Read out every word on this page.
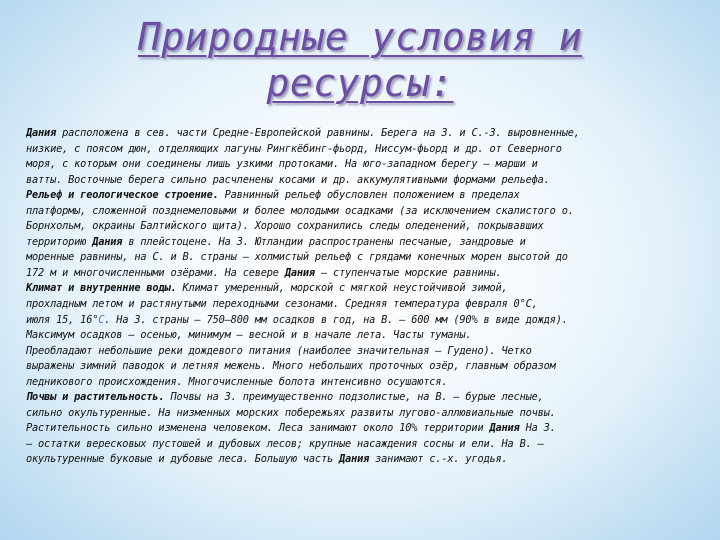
Природные условия и
ресурсы:
Дания расположена в сев. части Средне-Европейской равнины. Берега на З. и С.-З. выровненные,
низкие, с поясом дюн, отделяющих лагуны Рингкёбинг-фьорд, Ниссум-фьорд и др. от Северного
моря, с которым они соединены лишь узкими протоками. На юго-западном берегу — марши и
ватты. Восточные берега сильно расчленены косами и др. аккумулятивными формами рельефа.
Рельеф и геологическое строение. Равнинный рельеф обусловлен положением в пределах
платформы, сложенной позднемеловыми и более молодыми осадками (за исключением скалистого о.
Борнхольм, окраины Балтийского щита). Хорошо сохранились следы оледенений, покрывавших
территорию Дания в плейстоцене. На З. Ютландии распространены песчаные, зандровые и
моренные равнины, на С. и В. страны — холмистый рельеф с грядами конечных морен высотой до
172 м и многочисленными озёрами. На севере Дания — ступенчатые морские равнины.
Климат и внутренние воды. Климат умеренный, морской с мягкой неустойчивой зимой,
прохладным летом и растянутыми переходными сезонами. Средняя температура февраля 0°С,
июля 15, 16°С. На З. страны — 750—800 мм осадков в год, на В. — 600 мм (90% в виде дождя).
Максимум осадков — осенью, минимум — весной и в начале лета. Часты туманы.
Преобладают небольшие реки дождевого питания (наиболее значительная — Гудено). Четко
выражены зимний паводок и летняя межень. Много небольших проточных озёр, главным образом
ледникового происхождения. Многочисленные болота интенсивно осушаются.
Почвы и растительность. Почвы на З. преимущественно подзолистые, на В. — бурые лесные,
сильно окультуренные. На низменных морских побережьях развиты лугово-аллювиальные почвы.
Растительность сильно изменена человеком. Леса занимают около 10% территории Дания На З.
— остатки вересковых пустошей и дубовых лесов; крупные насаждения сосны и ели. На В. —
окультуренные буковые и дубовые леса. Большую часть Дания занимают с.-х. угодья.
